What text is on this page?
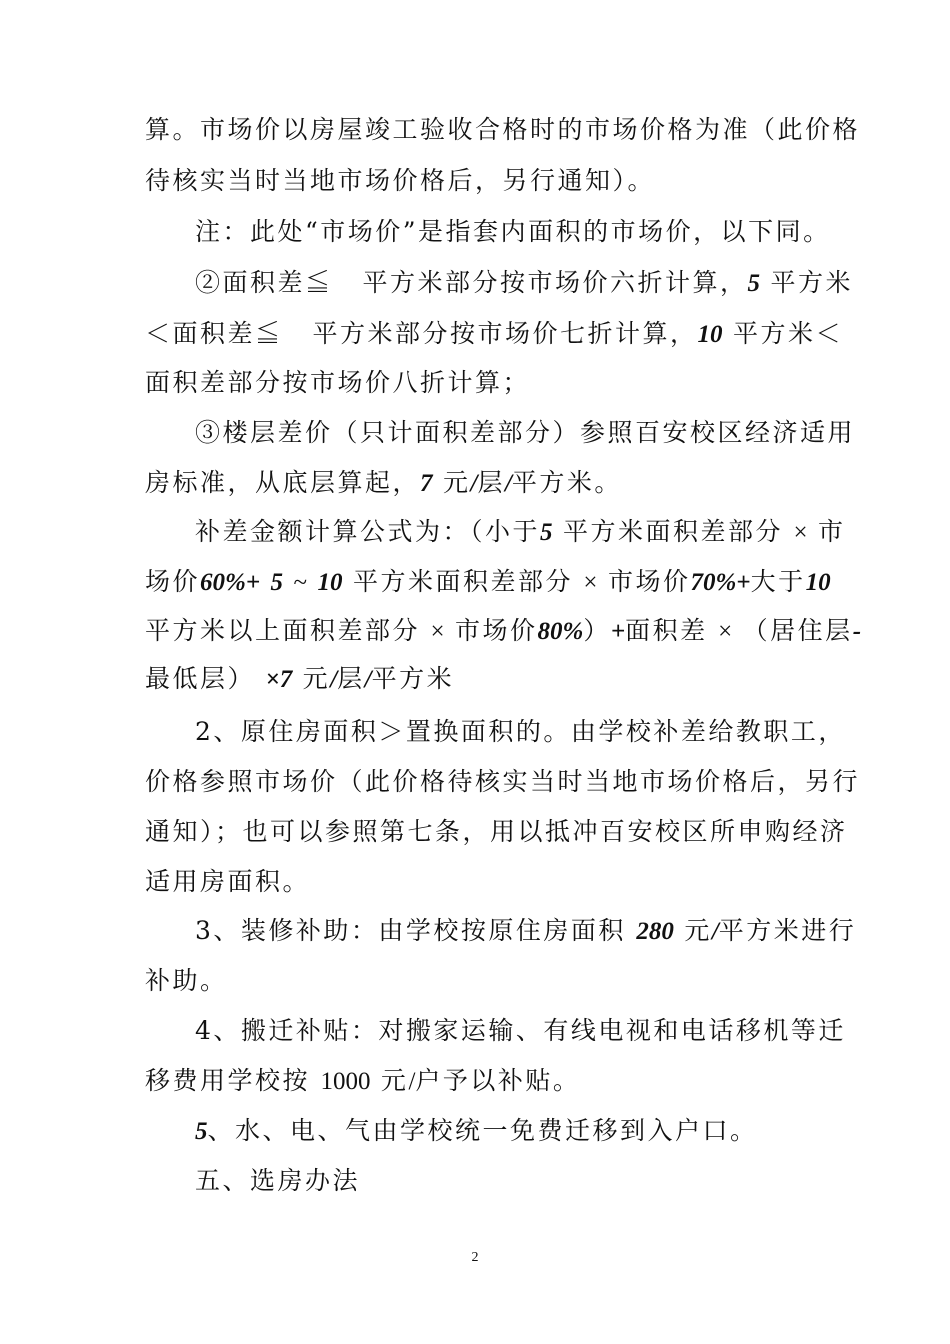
算。市场价以房屋竣工验收合格时的市场价格为准（此价格
待核实当时当地市场价格后，另行通知）。
注：此处“市场价”是指套内面积的市场价，以下同。
②面积差≦ 平方米部分按市场价六折计算，5 平方米
＜面积差≦ 平方米部分按市场价七折计算，10 平方米＜
面积差部分按市场价八折计算；
③楼层差价（只计面积差部分）参照百安校区经济适用
房标准，从底层算起，7 元/层/平方米。
补差金额计算公式为：（小于5 平方米面积差部分 × 市
场价60%+ 5 ~ 10 平方米面积差部分 × 市场价70%+大于10
平方米以上面积差部分 × 市场价80%）+面积差 × （居住层-
最低层） ×7 元/层/平方米
2、原住房面积＞置换面积的。由学校补差给教职工，
价格参照市场价（此价格待核实当时当地市场价格后，另行
通知）；也可以参照第七条，用以抵冲百安校区所申购经济
适用房面积。
3、装修补助：由学校按原住房面积 280 元/平方米进行
补助。
4、搬迁补贴：对搬家运输、有线电视和电话移机等迁
移费用学校按 1000 元/户予以补贴。
5、水、电、气由学校统一免费迁移到入户口。
五、选房办法
2
